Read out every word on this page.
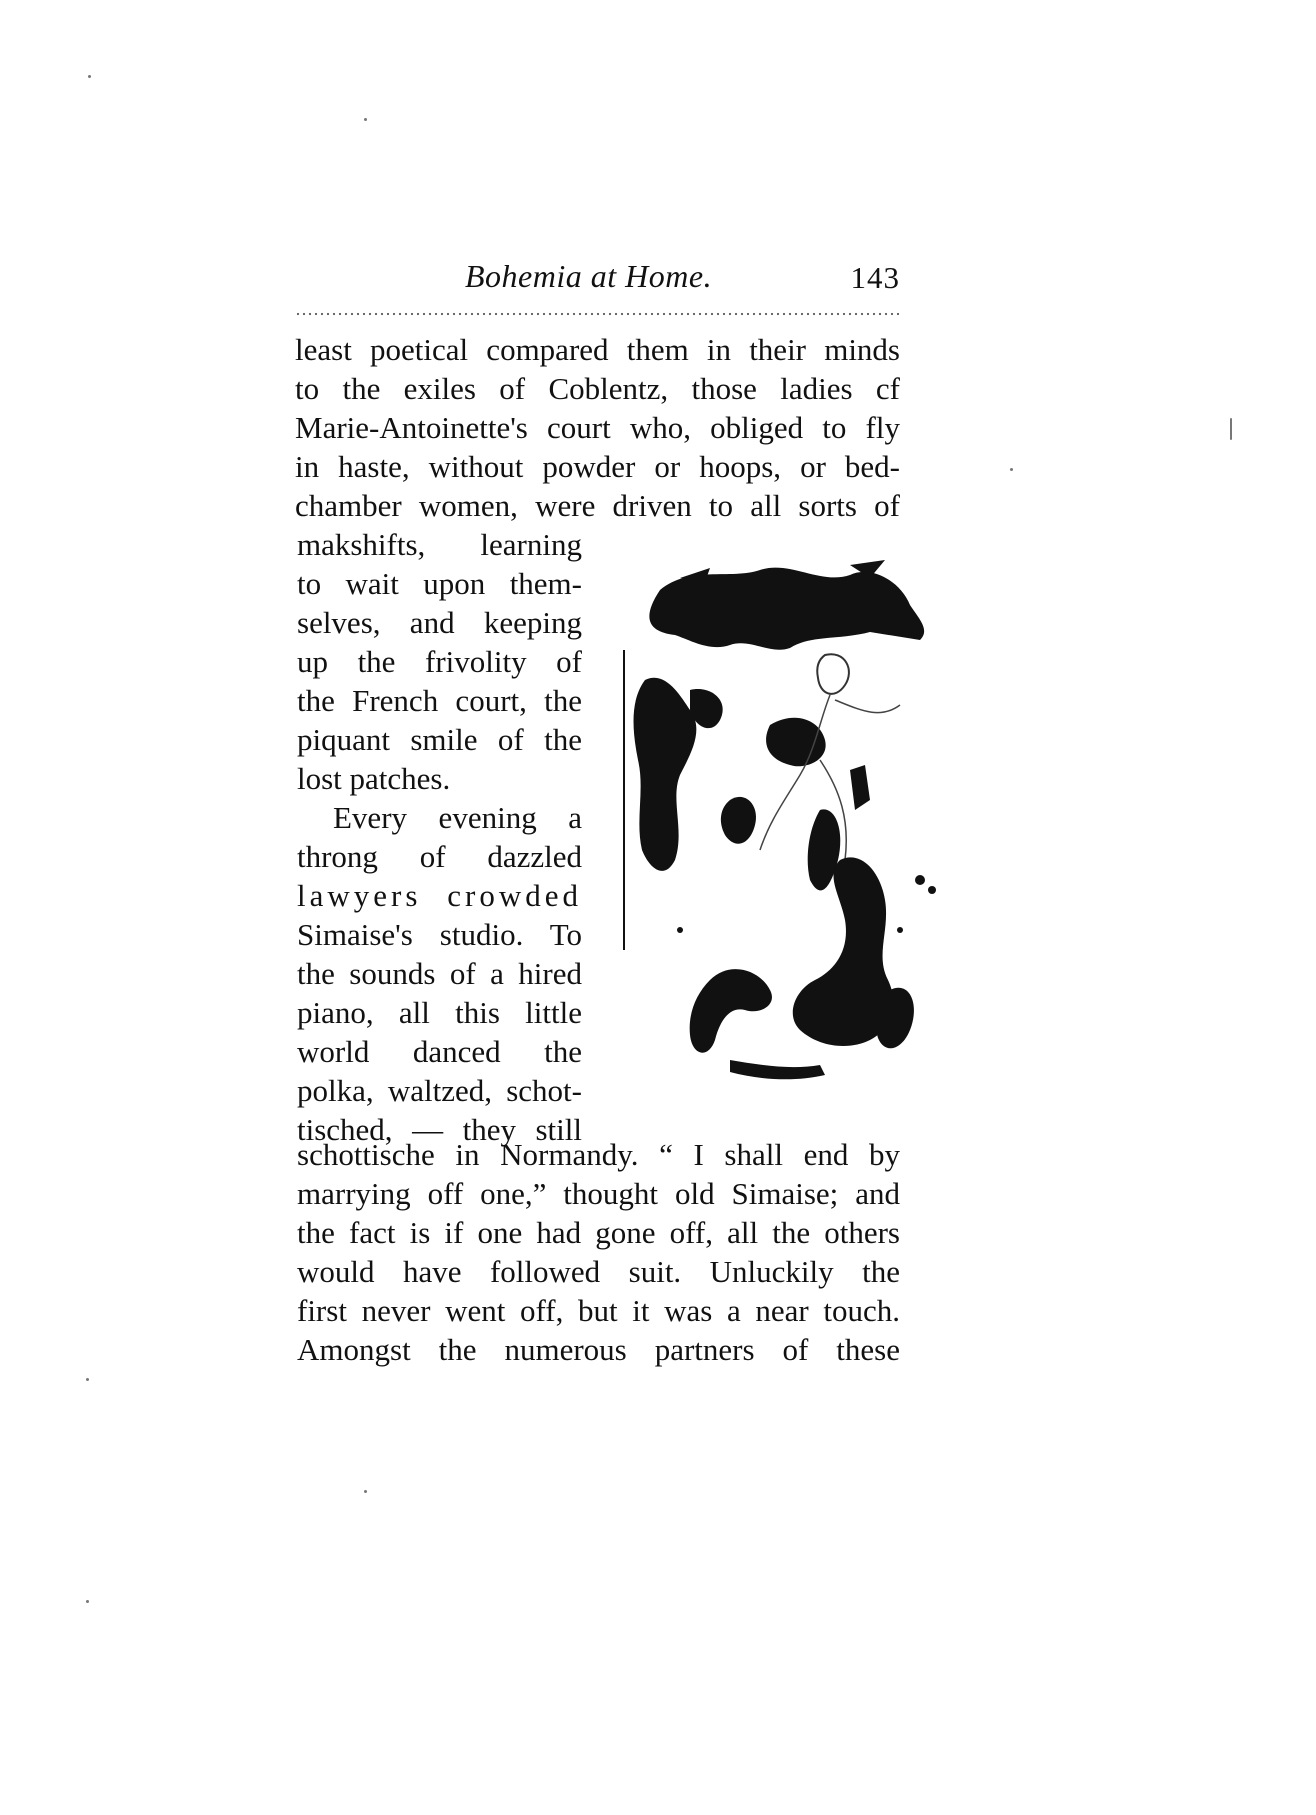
Bohemia at Home.	143
least poetical compared them in their minds
to the exiles of Coblentz, those ladies cf
Marie-Antoinette's court who, obliged to fly
in haste, without powder or hoops, or bed-
chamber women, were driven to all sorts of
makshifts, learning
to wait upon them-
selves, and keeping
up the frivolity of
the French court, the
piquant smile of the
lost patches.
Every evening a
throng of dazzled
lawyers crowded
Simaise's studio. To
the sounds of a hired
piano, all this little
world danced the
polka, waltzed, schot-
tisched, — they still
schottische in Normandy. “ I shall end by
marrying off one,” thought old Simaise; and
the fact is if one had gone off, all the others
would have followed suit. Unluckily the
first never went off, but it was a near touch.
Amongst the numerous partners of these
